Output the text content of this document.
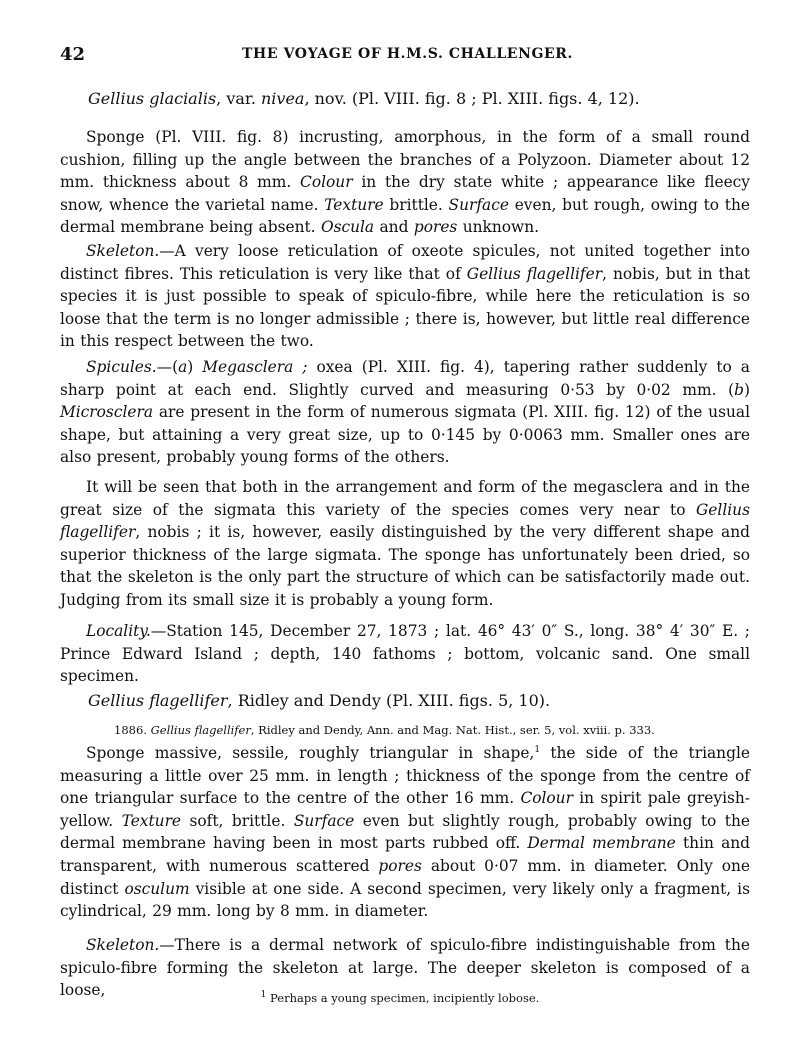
42	THE VOYAGE OF H.M.S. CHALLENGER.
Gellius glacialis, var. nivea, nov. (Pl. VIII. fig. 8 ; Pl. XIII. figs. 4, 12).
Sponge (Pl. VIII. fig. 8) incrusting, amorphous, in the form of a small round cushion, filling up the angle between the branches of a Polyzoon. Diameter about 12 mm. thickness about 8 mm. Colour in the dry state white ; appearance like fleecy snow, whence the varietal name. Texture brittle. Surface even, but rough, owing to the dermal membrane being absent. Oscula and pores unknown.
Skeleton.—A very loose reticulation of oxeote spicules, not united together into distinct fibres. This reticulation is very like that of Gellius flagellifer, nobis, but in that species it is just possible to speak of spiculo-fibre, while here the reticulation is so loose that the term is no longer admissible ; there is, however, but little real difference in this respect between the two.
Spicules.—(a) Megasclera ; oxea (Pl. XIII. fig. 4), tapering rather suddenly to a sharp point at each end. Slightly curved and measuring 0·53 by 0·02 mm. (b) Microsclera are present in the form of numerous sigmata (Pl. XIII. fig. 12) of the usual shape, but attaining a very great size, up to 0·145 by 0·0063 mm. Smaller ones are also present, probably young forms of the others.
It will be seen that both in the arrangement and form of the megasclera and in the great size of the sigmata this variety of the species comes very near to Gellius flagellifer, nobis ; it is, however, easily distinguished by the very different shape and superior thickness of the large sigmata. The sponge has unfortunately been dried, so that the skeleton is the only part the structure of which can be satisfactorily made out. Judging from its small size it is probably a young form.
Locality.—Station 145, December 27, 1873 ; lat. 46° 43′ 0″ S., long. 38° 4′ 30″ E. ; Prince Edward Island ; depth, 140 fathoms ; bottom, volcanic sand. One small specimen.
Gellius flagellifer, Ridley and Dendy (Pl. XIII. figs. 5, 10).
1886. Gellius flagellifer, Ridley and Dendy, Ann. and Mag. Nat. Hist., ser. 5, vol. xviii. p. 333.
Sponge massive, sessile, roughly triangular in shape,$^1$ the side of the triangle measuring a little over 25 mm. in length ; thickness of the sponge from the centre of one triangular surface to the centre of the other 16 mm. Colour in spirit pale greyish-yellow. Texture soft, brittle. Surface even but slightly rough, probably owing to the dermal membrane having been in most parts rubbed off. Dermal membrane thin and transparent, with numerous scattered pores about 0·07 mm. in diameter. Only one distinct osculum visible at one side. A second specimen, very likely only a fragment, is cylindrical, 29 mm. long by 8 mm. in diameter.
Skeleton.—There is a dermal network of spiculo-fibre indistinguishable from the spiculo-fibre forming the skeleton at large. The deeper skeleton is composed of a loose,	$^1$ Perhaps a young specimen, incipiently lobose.
